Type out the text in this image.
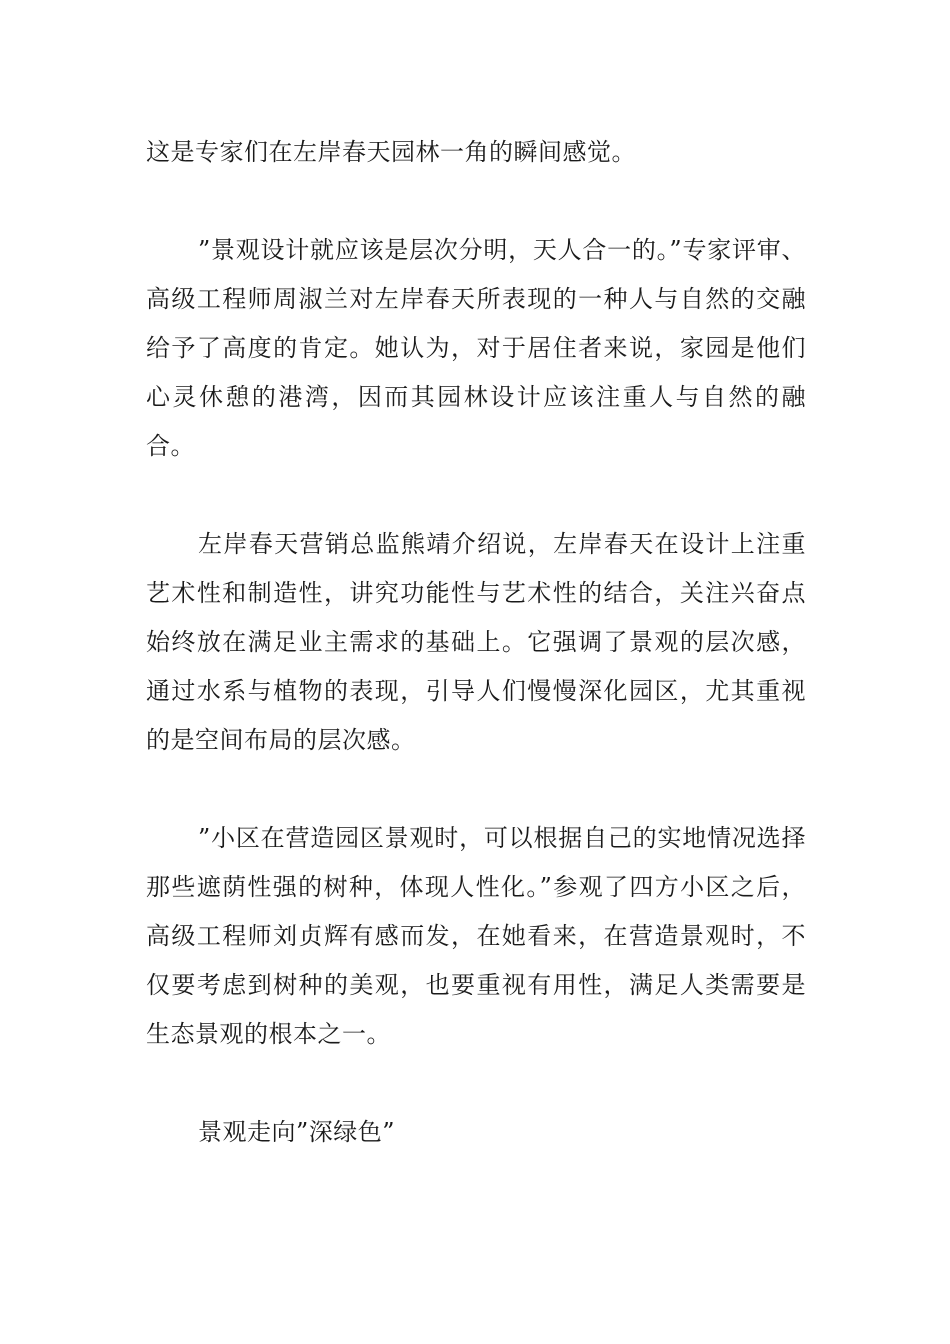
这是专家们在左岸春天园林一角的瞬间感觉。

”景观设计就应该是层次分明，天人合一的。”专家评审、高级工程师周淑兰对左岸春天所表现的一种人与自然的交融给予了高度的肯定。她认为，对于居住者来说，家园是他们心灵休憩的港湾，因而其园林设计应该注重人与自然的融合。

左岸春天营销总监熊靖介绍说，左岸春天在设计上注重艺术性和制造性，讲究功能性与艺术性的结合，关注兴奋点始终放在满足业主需求的基础上。它强调了景观的层次感，通过水系与植物的表现，引导人们慢慢深化园区，尤其重视的是空间布局的层次感。

”小区在营造园区景观时，可以根据自己的实地情况选择那些遮荫性强的树种，体现人性化。”参观了四方小区之后，高级工程师刘贞辉有感而发，在她看来，在营造景观时，不仅要考虑到树种的美观，也要重视有用性，满足人类需要是生态景观的根本之一。

景观走向”深绿色”
